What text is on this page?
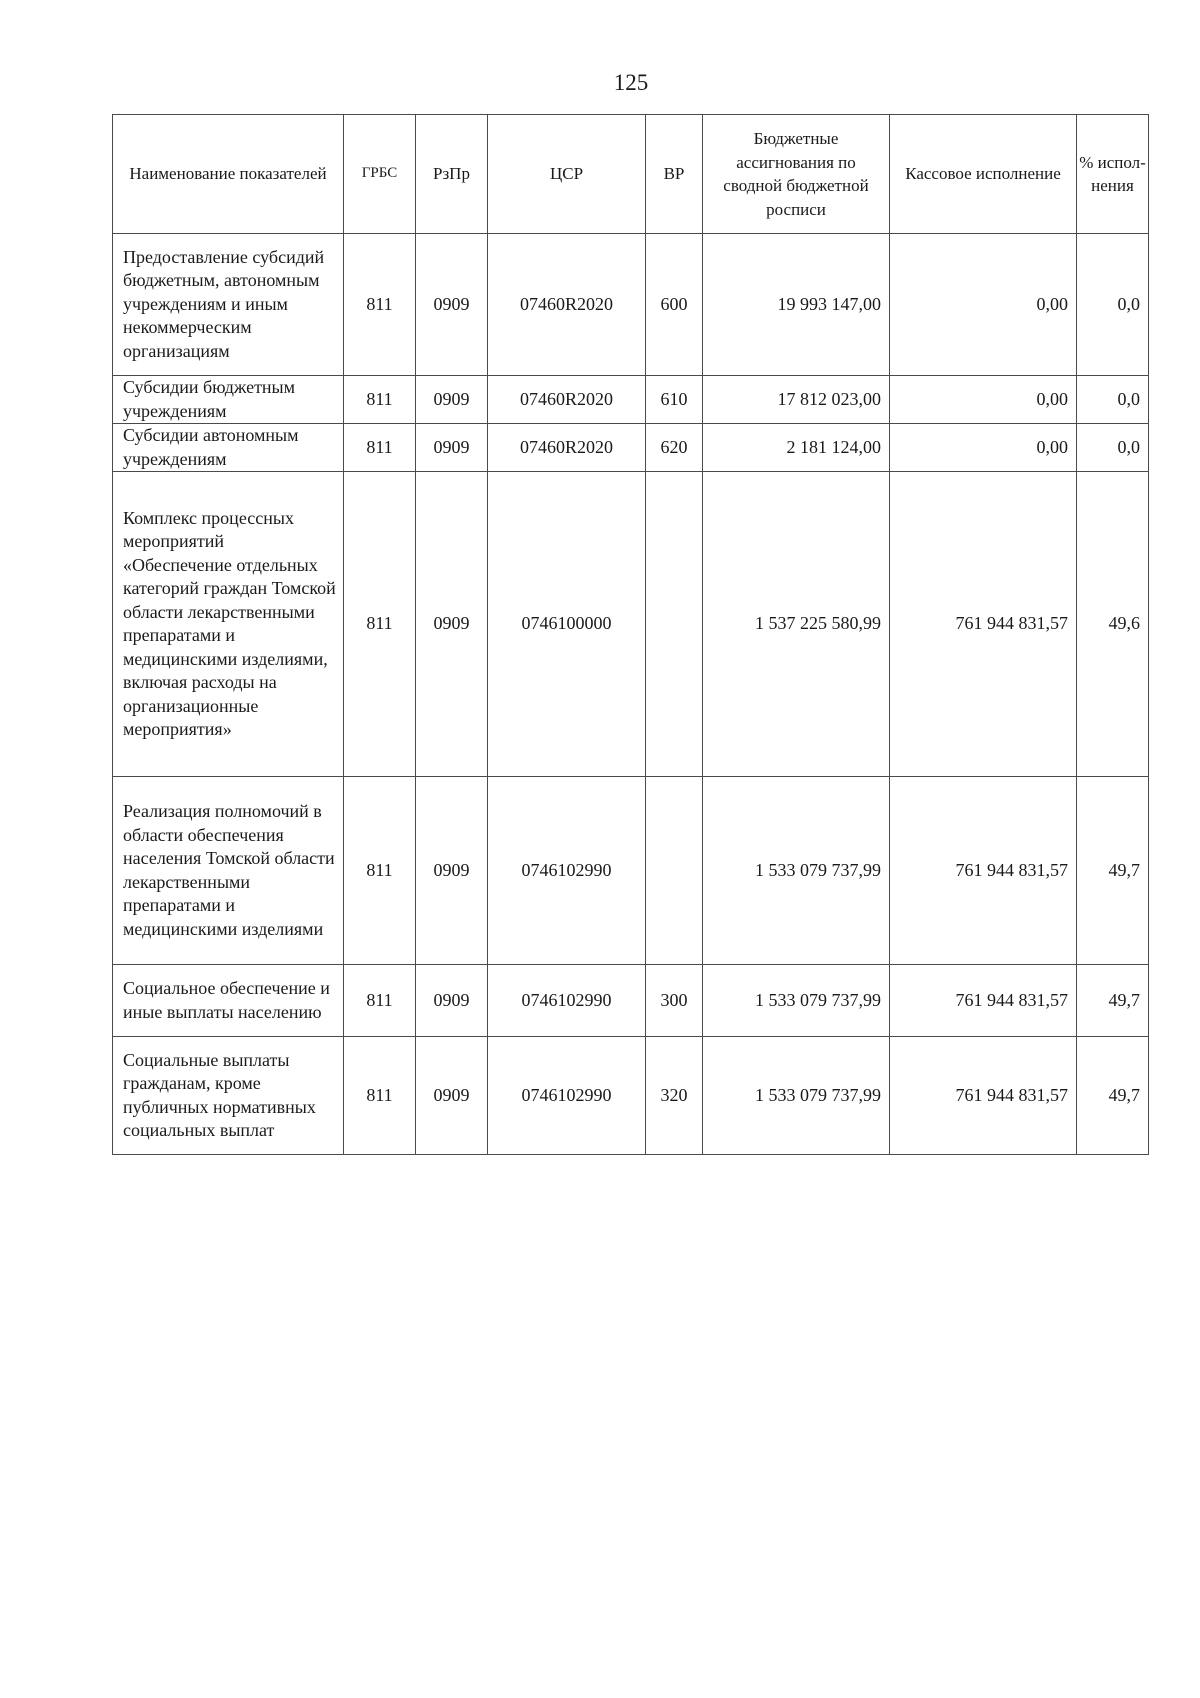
125
Наименование показателей	ГРБС	РзПр	ЦСР	ВР	Бюджетные ассигнования по сводной бюджетной росписи	Кассовое исполнение	% испол-нения
Предоставление субсидий бюджетным, автономным учреждениям и иным некоммерческим организациям	811	0909	07460R2020	600	19 993 147,00	0,00	0,0
Субсидии бюджетным учреждениям	811	0909	07460R2020	610	17 812 023,00	0,00	0,0
Субсидии автономным учреждениям	811	0909	07460R2020	620	2 181 124,00	0,00	0,0
Комплекс процессных мероприятий «Обеспечение отдельных категорий граждан Томской области лекарственными препаратами и медицинскими изделиями, включая расходы на организационные мероприятия»	811	0909	0746100000		1 537 225 580,99	761 944 831,57	49,6
Реализация полномочий в области обеспечения населения Томской области лекарственными препаратами и медицинскими изделиями	811	0909	0746102990		1 533 079 737,99	761 944 831,57	49,7
Социальное обеспечение и иные выплаты населению	811	0909	0746102990	300	1 533 079 737,99	761 944 831,57	49,7
Социальные выплаты гражданам, кроме публичных нормативных социальных выплат	811	0909	0746102990	320	1 533 079 737,99	761 944 831,57	49,7
